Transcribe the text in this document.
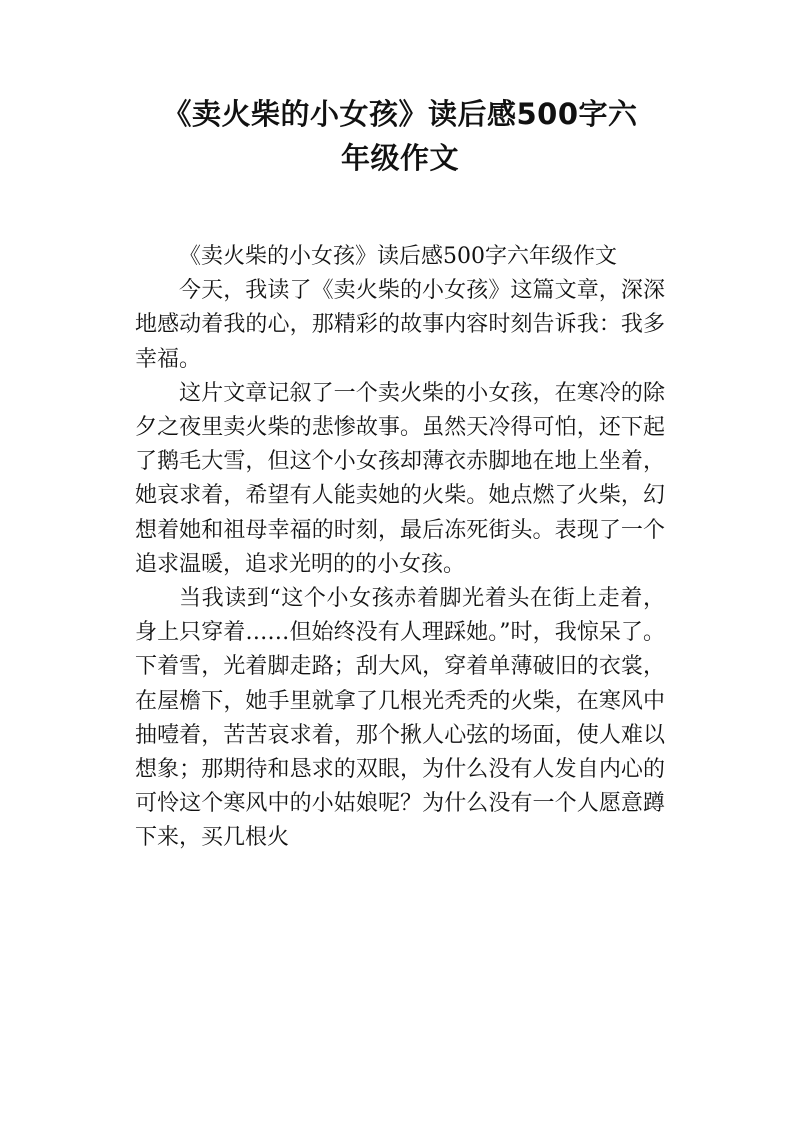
《卖火柴的小女孩》读后感500字六
年级作文

《卖火柴的小女孩》读后感500字六年级作文

今天，我读了《卖火柴的小女孩》这篇文章，深深地感动着我的心，那精彩的故事内容时刻告诉我：我多幸福。

这片文章记叙了一个卖火柴的小女孩，在寒冷的除夕之夜里卖火柴的悲惨故事。虽然天冷得可怕，还下起了鹅毛大雪，但这个小女孩却薄衣赤脚地在地上坐着，她哀求着，希望有人能卖她的火柴。她点燃了火柴，幻想着她和祖母幸福的时刻，最后冻死街头。表现了一个追求温暖，追求光明的的小女孩。

当我读到“这个小女孩赤着脚光着头在街上走着，身上只穿着……但始终没有人理踩她。”时，我惊呆了。下着雪，光着脚走路；刮大风，穿着单薄破旧的衣裳，在屋檐下，她手里就拿了几根光秃秃的火柴，在寒风中抽噎着，苦苦哀求着，那个揪人心弦的场面，使人难以想象；那期待和恳求的双眼，为什么没有人发自内心的可怜这个寒风中的小姑娘呢？为什么没有一个人愿意蹲下来，买几根火
